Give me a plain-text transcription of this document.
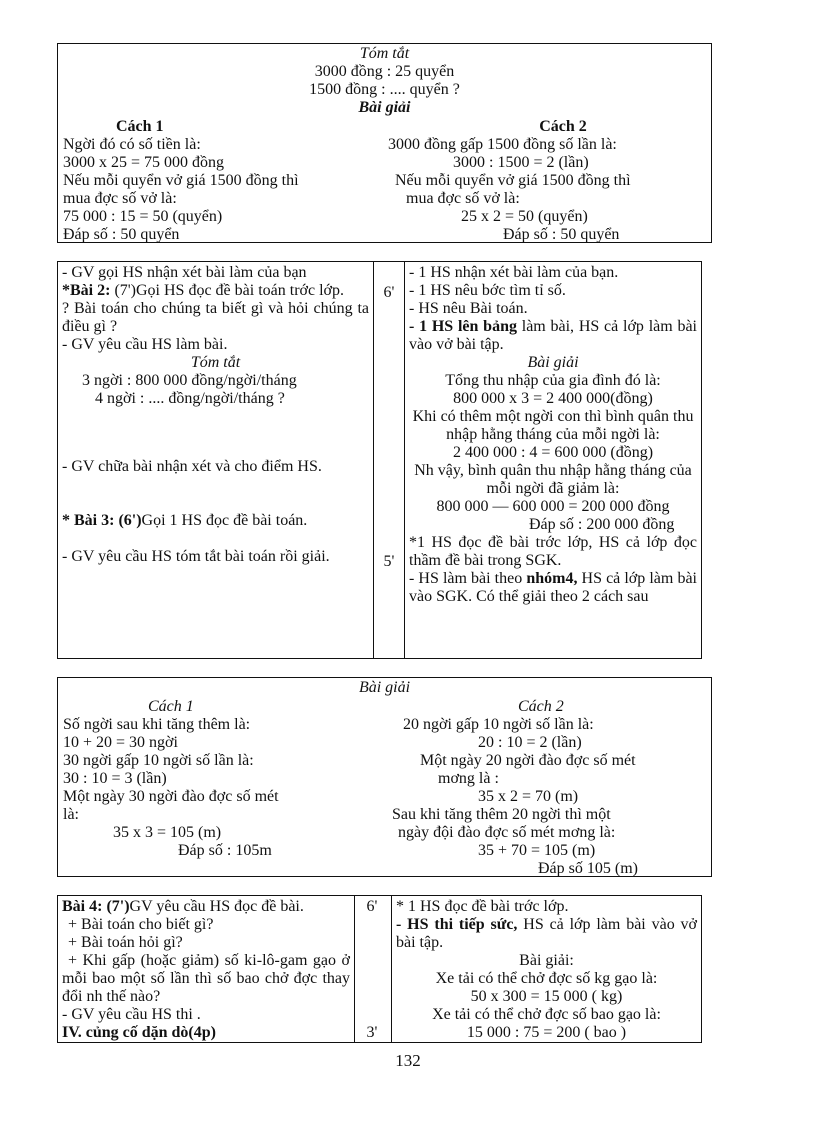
Tóm tắt
3000 đồng : 25 quyển
1500 đồng : .... quyển ?
Bài giải
Cách 1
Ngời đó có số tiền là:
3000 x 25 = 75 000 đồng
Nếu mỗi quyển vở giá 1500 đồng thì
mua đợc số vở là:
75 000 : 15 = 50 (quyển)
Đáp số : 50 quyển
Cách 2
3000 đồng gấp 1500 đồng số lần là:
3000 : 1500 = 2 (lần)
Nếu mỗi quyển vở giá 1500 đồng thì
mua đợc số vở là:
25 x 2 = 50 (quyển)
Đáp số : 50 quyển

- GV gọi HS nhận xét bài làm của bạn

*Bài 2: (7')Gọi HS đọc đề bài toán trớc lớp.

? Bài toán cho chúng ta biết gì và hỏi chúng ta điều gì ?

- GV yêu cầu HS làm bài.

Tóm tắt

3 ngời : 800 000 đồng/ngời/tháng

4 ngời : .... đồng/ngời/tháng ?

- GV chữa bài nhận xét và cho điểm HS.

* Bài 3: (6')Gọi 1 HS đọc đề bài toán.

- GV yêu cầu HS tóm tắt bài toán rồi giải.

6'
5'

- 1 HS nhận xét bài làm của bạn.

- 1 HS nêu bớc tìm tỉ số.

- HS nêu Bài toán.

- 1 HS lên bảng làm bài, HS cả lớp làm bài vào vở bài tập.

Bài giải

Tổng thu nhập của gia đình đó là:

800 000 x 3 = 2 400 000(đồng)

Khi có thêm một ngời con thì bình quân thu nhập hằng tháng của mỗi ngời là:

2 400 000 : 4 = 600 000 (đồng)

Nh vậy, bình quân thu nhập hằng tháng của mỗi ngời đã giảm là:

800 000 — 600 000 = 200 000 đồng

Đáp số : 200 000 đồng

*1 HS đọc đề bài trớc lớp, HS cả lớp đọc thầm đề bài trong SGK.

- HS làm bài theo nhóm4, HS cả lớp làm bài vào SGK. Có thể giải theo 2 cách sau

Bài giải
Cách 1
Số ngời sau khi tăng thêm là:
10 + 20 = 30 ngời
30 ngời gấp 10 ngời số lần là:
30 : 10 = 3 (lần)
Một ngày 30 ngời đào đợc số mét
là:
35 x 3 = 105 (m)
Đáp số : 105m
Cách 2
20 ngời gấp 10 ngời số lần là:
20 : 10 = 2 (lần)
Một ngày 20 ngời đào đợc số mét
mơng là :
35 x 2 = 70 (m)
Sau khi tăng thêm 20 ngời thì một
ngày đội đào đợc số mét mơng là:
35 + 70 = 105 (m)
Đáp số 105 (m)

Bài 4: (7')GV yêu cầu HS đọc đề bài.

+ Bài toán cho biết gì?

+ Bài toán hỏi gì?

+ Khi gấp (hoặc giảm) số ki-lô-gam gạo ở mỗi bao một số lần thì số bao chở đợc thay đổi nh thế nào?

- GV yêu cầu HS thi .

IV. củng cố dặn dò(4p)

6'
3'

* 1 HS đọc đề bài trớc lớp.

- HS thi tiếp sức, HS cả lớp làm bài vào vở bài tập.

Bài giải:

Xe tải có thể chở đợc số kg gạo là:

50 x 300 = 15 000 ( kg)

Xe tải có thể chở đợc số bao gạo là:

15 000 : 75 = 200 ( bao )

132
